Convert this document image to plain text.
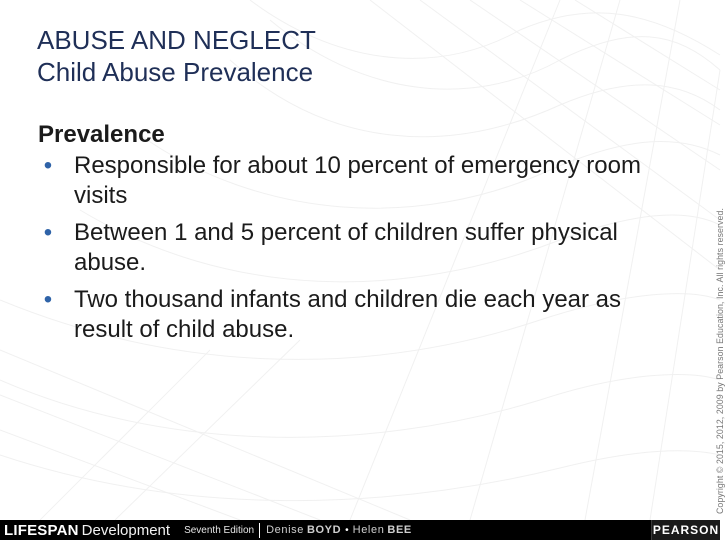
ABUSE AND NEGLECT
Child Abuse Prevalence
Prevalence
• Responsible for about 10 percent of emergency room visits
• Between 1 and 5 percent of children suffer physical abuse.
• Two thousand infants and children die each year as result of child abuse.	Copyright © 2015, 2012, 2009 by Pearson Education, Inc. All rights reserved.
LIFESPAN Development Seventh Edition Denise BOYD • Helen BEE	PEARSON
